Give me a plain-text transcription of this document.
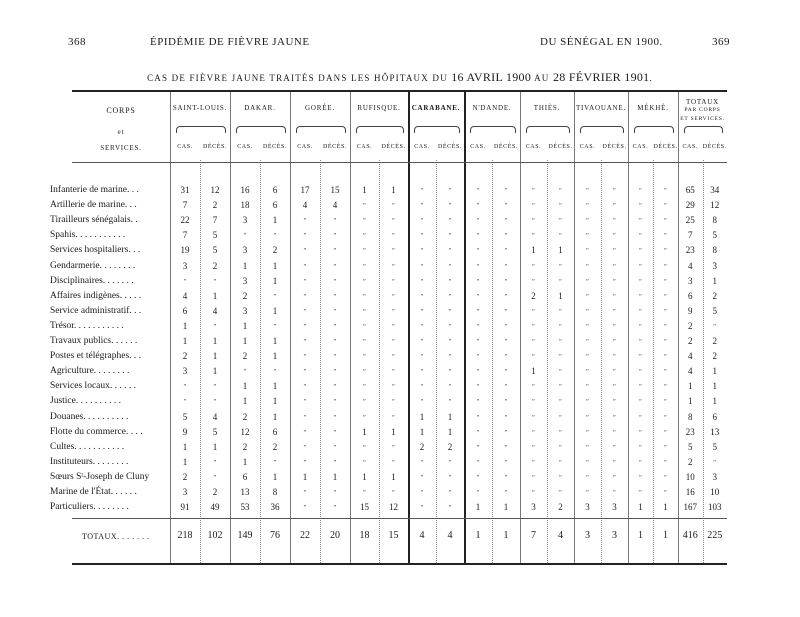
368	ÉPIDÉMIE DE FIÈVRE JAUNE	DU SÉNÉGAL EN 1900.	369
CAS DE FIÈVRE JAUNE TRAITÉS DANS LES HÔPITAUX DU 16 AVRIL 1900 AU 28 FÉVRIER 1901.
CORPS
et
SERVICES.
SAINT-LOUIS.	DAKAR.	GORÉE.	RUFISQUE.	CARABANE.	N'DANDE.	THIÈS.	TIVAOUANE.	MÉKHÉ.
TOTAUX
PAR CORPS
ET SERVICES.
CAS.	DÉCÈS.	CAS.	DÉCÈS.	CAS.	DÉCÈS.	CAS.	DÉCÈS.	CAS.	DÉCÈS.	CAS.	DÉCÈS.	CAS.	DÉCÈS.	CAS.	DÉCÈS.	CAS. DÉCÈS. CAS. DÉCÈS.
Infanterie de marine. . .	31	12	16	6	17	15	1	1	″	″	″	″	″	″	″	″	″	″	65	34
Artillerie de marine. . .	7	2	18	6	4	4	″	″	″	″	″	″	″	″	″	″	″	″	29	12
Tirailleurs sénégalais. .	22	7	3	1	″	″	″	″	″	″	″	″	″	″	″	″	″	″	25	8
Spahis. . . . . . . . . . .	7	5	″	″	″	″	″	″	″	″	″	″	″	″	″	″	″	″	7	5
Services hospitaliers. . .	19	5	3	2	″	″	″	″	″	″	″	″	1	1	″	″	″	″	23	8
Gendarmerie. . . . . . . .	3	2	1	1	″	″	″	″	″	″	″	″	″	″	″	″	″	″	4	3
Disciplinaires. . . . . . .	″	″	3	1	″	″	″	″	″	″	″	″	″	″	″	″	″	″	3	1
Affaires indigènes. . . . .	4	1	2	″	″	″	″	″	″	″	″	″	2	1	″	″	″	″	6	2
Service administratif. . .	6	4	3	1	″	″	″	″	″	″	″	″	″	″	″	″	″	″	9	5
Trésor. . . . . . . . . . .	1	″	1	″	″	″	″	″	″	″	″	″	″	″	″	″	″	″	2	″
Travaux publics. . . . . .	1	1	1	1	″	″	″	″	″	″	″	″	″	″	″	″	″	″	2	2
Postes et télégraphes. . .	2	1	2	1	″	″	″	″	″	″	″	″	″	″	″	″	″	″	4	2
Agriculture. . . . . . . .	3	1	″	″	″	″	″	″	″	″	″	″	1	″	″	″	″	″	4	1
Services locaux. . . . . .	″	″	1	1	″	″	″	″	″	″	″	″	″	″	″	″	″	″	1	1
Justice. . . . . . . . . .	″	″	1	1	″	″	″	″	″	″	″	″	″	″	″	″	″	″	1	1
Douanes. . . . . . . . . .	5	4	2	1	″	″	″	″	1	1	″	″	″	″	″	″	″	″	8	6
Flotte du commerce. . . .	9	5	12	6	″	″	1	1	1	1	″	″	″	″	″	″	″	″	23	13
Cultes. . . . . . . . . . .	1	1	2	2	″	″	″	″	2	2	″	″	″	″	″	″	″	″	5	5
Instituteurs. . . . . . . .	1	″	1	″	″	″	″	″	″	″	″	″	″	″	″	″	″	″	2	″
Sœurs Sᵗ-Joseph de Cluny	2	″	6	1	1	1	1	1	″	″	″	″	″	″	″	″	″	″	10	3
Marine de l'État. . . . . .	3	2	13	8	″	″	″	″	″	″	″	″	″	″	″	″	″	″	16	10
Particuliers. . . . . . . .	91	49	53	36	″	″	15	12	″	″	1	1	3	2	3	3	1	1	167	103
TOTAUX. . . . . . .	218	102	149	76	22	20	18	15	4	4	1	1	7	4	3	3	1	1	416 225
